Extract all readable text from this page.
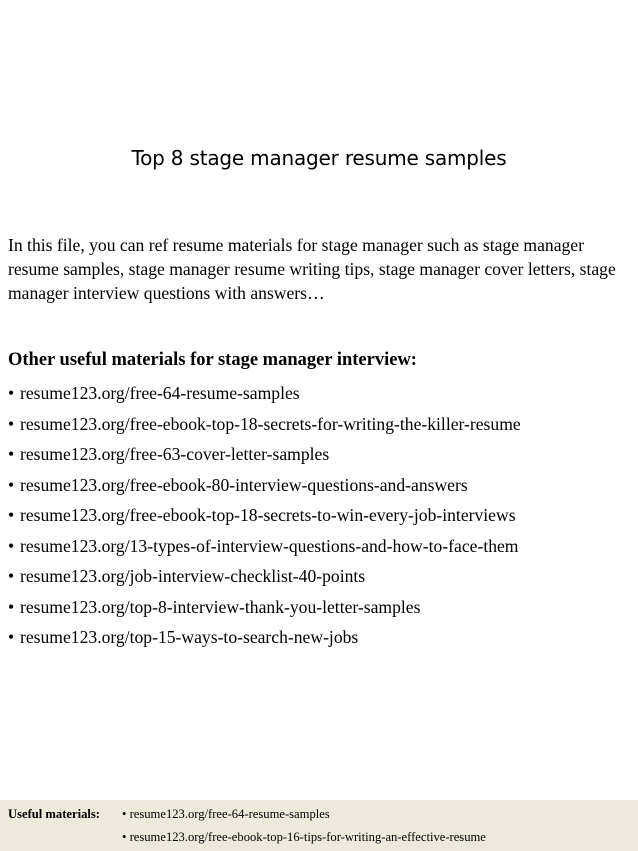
Top 8 stage manager resume samples

In this file, you can ref resume materials for stage manager such as stage manager resume samples, stage manager resume writing tips, stage manager cover letters, stage manager interview questions with answers…

Other useful materials for stage manager interview:

• resume123.org/free-64-resume-samples
• resume123.org/free-ebook-top-18-secrets-for-writing-the-killer-resume
• resume123.org/free-63-cover-letter-samples
• resume123.org/free-ebook-80-interview-questions-and-answers
• resume123.org/free-ebook-top-18-secrets-to-win-every-job-interviews
• resume123.org/13-types-of-interview-questions-and-how-to-face-them
• resume123.org/job-interview-checklist-40-points
• resume123.org/top-8-interview-thank-you-letter-samples
• resume123.org/top-15-ways-to-search-new-jobs
Useful materials: • resume123.org/free-64-resume-samples
• resume123.org/free-ebook-top-16-tips-for-writing-an-effective-resume
